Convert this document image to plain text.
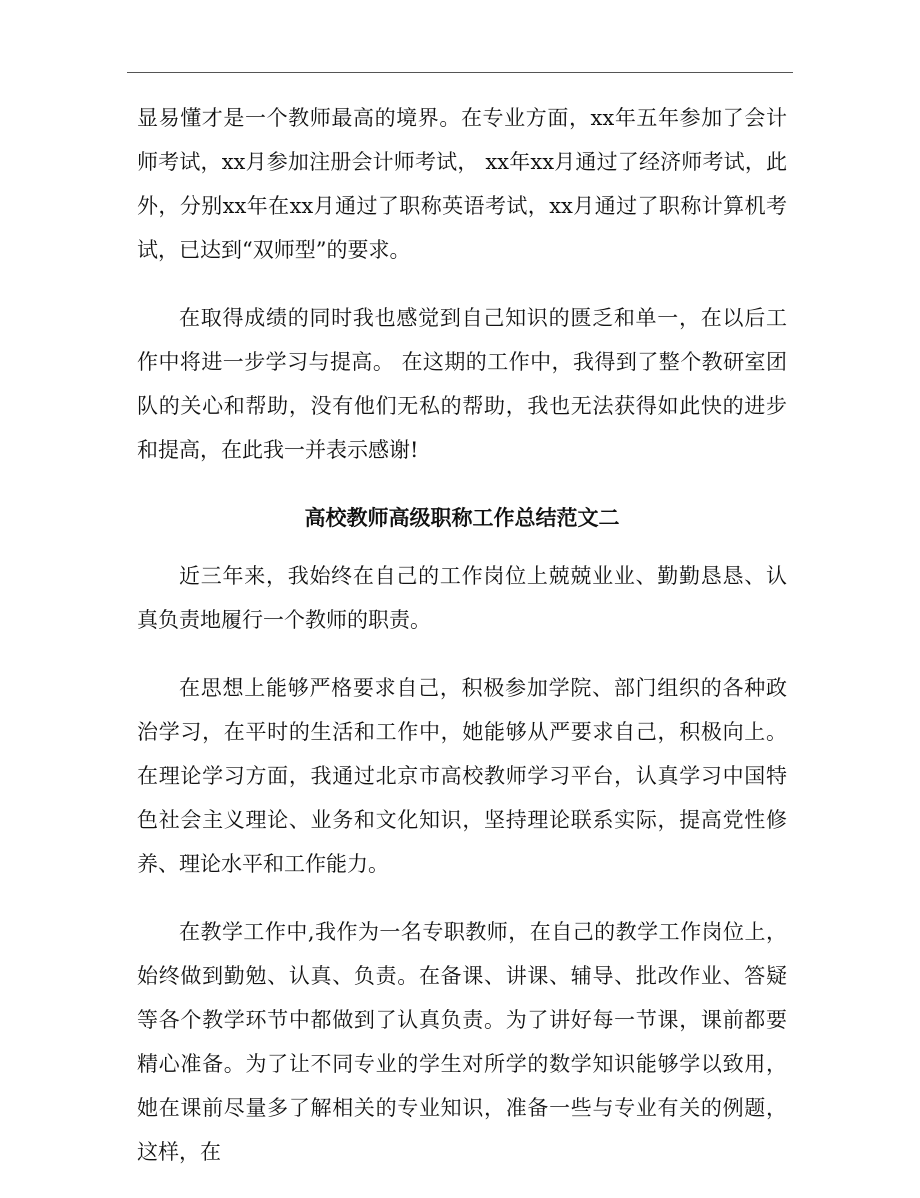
显易懂才是一个教师最高的境界。在专业方面，xx年五年参加了会计师考试，xx月参加注册会计师考试， xx年xx月通过了经济师考试，此外，分别xx年在xx月通过了职称英语考试，xx月通过了职称计算机考试，已达到“双师型”的要求。

在取得成绩的同时我也感觉到自己知识的匮乏和单一，在以后工作中将进一步学习与提高。 在这期的工作中，我得到了整个教研室团队的关心和帮助，没有他们无私的帮助，我也无法获得如此快的进步和提高，在此我一并表示感谢!

高校教师高级职称工作总结范文二

近三年来，我始终在自己的工作岗位上兢兢业业、勤勤恳恳、认真负责地履行一个教师的职责。

在思想上能够严格要求自己，积极参加学院、部门组织的各种政治学习，在平时的生活和工作中，她能够从严要求自己，积极向上。在理论学习方面，我通过北京市高校教师学习平台，认真学习中国特色社会主义理论、业务和文化知识，坚持理论联系实际，提高党性修养、理论水平和工作能力。

在教学工作中,我作为一名专职教师，在自己的教学工作岗位上，始终做到勤勉、认真、负责。在备课、讲课、辅导、批改作业、答疑等各个教学环节中都做到了认真负责。为了讲好每一节课，课前都要精心准备。为了让不同专业的学生对所学的数学知识能够学以致用，她在课前尽量多了解相关的专业知识，准备一些与专业有关的例题，这样，在
